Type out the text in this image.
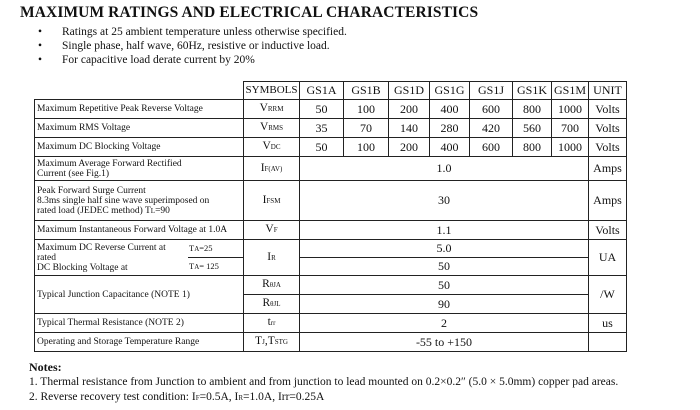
MAXIMUM RATINGS AND ELECTRICAL CHARACTERISTICS
• Ratings at 25 ambient temperature unless otherwise specified.
• Single phase, half wave, 60Hz, resistive or inductive load.
• For capacitive load derate current by 20%
		SYMBOLS	GS1A	GS1B	GS1D	GS1G	GS1J	GS1K	GS1M	UNIT
Maximum Repetitive Peak Reverse Voltage		VRRM	50	100	200	400	600	800	1000	Volts
Maximum RMS Voltage		VRMS	35	70	140	280	420	560	700	Volts
Maximum DC Blocking Voltage		VDC	50	100	200	400	600	800	1000	Volts
Maximum Average Forward Rectified
Current (see Fig.1)		IF(AV)	1.0							Amps
Peak Forward Surge Current
8.3ms single half sine wave superimposed on
rated load (JEDEC method) TL=90		IFSM	30							Amps
Maximum Instantaneous Forward Voltage at 1.0A		VF	1.1							Volts
Maximum DC Reverse Current at rated
DC Blocking Voltage at	TA=25	IR	5.0							UA
	TA= 125		50							
Typical Junction Capacitance (NOTE 1)		RθJA	50							/W
		RθJL	90							
Typical Thermal Resistance (NOTE 2)		trr	2							us
Operating and Storage Temperature Range		TJ,TSTG	-55 to +150							
Notes:
1. Thermal resistance from Junction to ambient and from junction to lead mounted on 0.2×0.2″ (5.0 × 5.0mm) copper pad areas.
2. Reverse recovery test condition: IF=0.5A, IR=1.0A, Irr=0.25A
